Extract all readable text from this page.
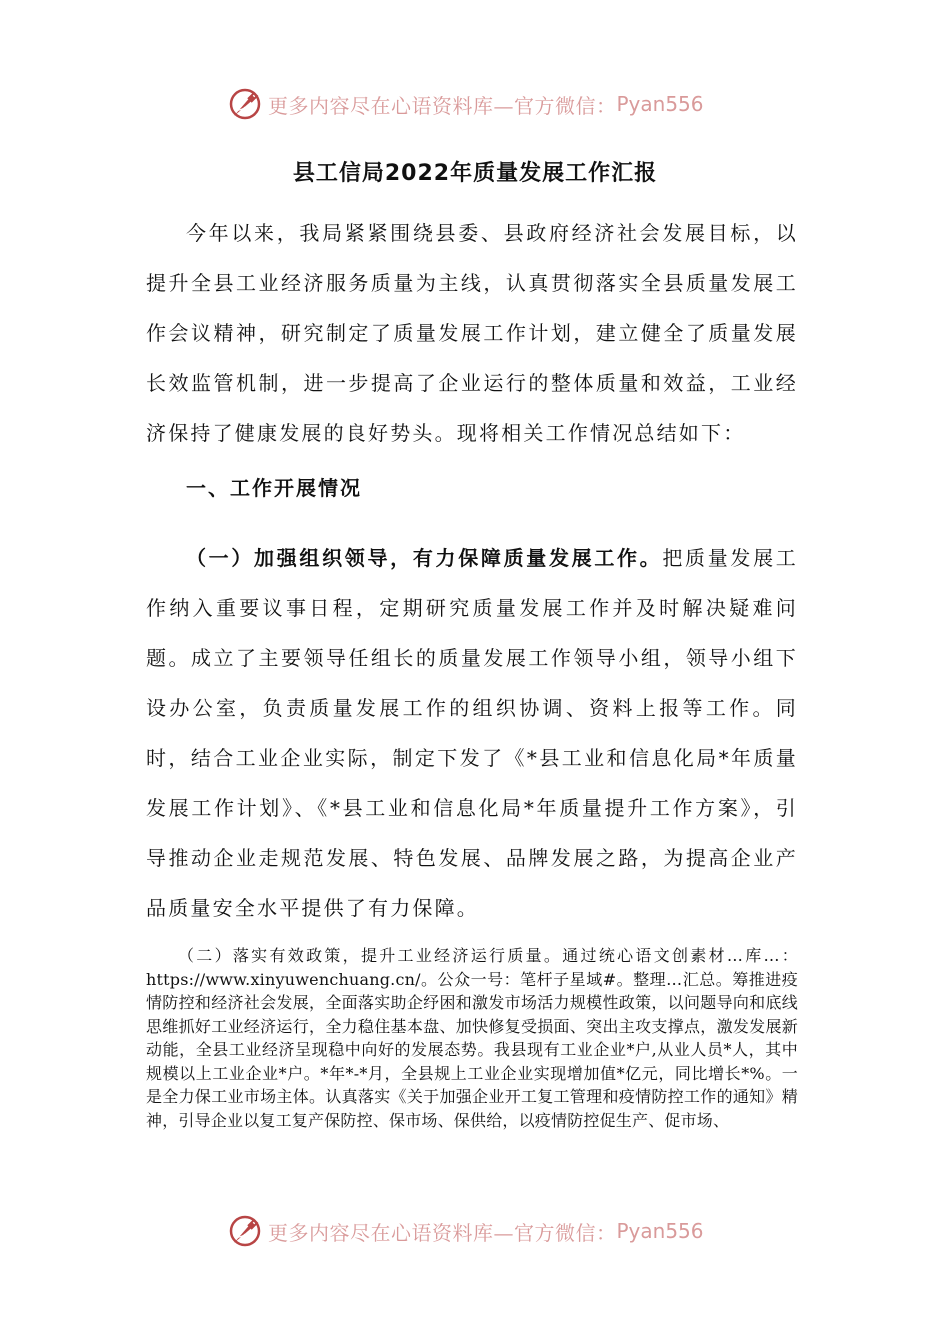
更多内容尽在心语资料库—官方微信： Pyan556
县工信局2022年质量发展工作汇报

今年以来，我局紧紧围绕县委、县政府经济社会发展目标，以提升全县工业经济服务质量为主线，认真贯彻落实全县质量发展工作会议精神，研究制定了质量发展工作计划，建立健全了质量发展长效监管机制，进一步提高了企业运行的整体质量和效益，工业经济保持了健康发展的良好势头。现将相关工作情况总结如下：

一、工作开展情况

（一）加强组织领导，有力保障质量发展工作。把质量发展工作纳入重要议事日程，定期研究质量发展工作并及时解决疑难问题。成立了主要领导任组长的质量发展工作领导小组，领导小组下设办公室，负责质量发展工作的组织协调、资料上报等工作。同时，结合工业企业实际，制定下发了《*县工业和信息化局*年质量发展工作计划》、《*县工业和信息化局*年质量提升工作方案》，引导推动企业走规范发展、特色发展、品牌发展之路，为提高企业产品质量安全水平提供了有力保障。

（二）落实有效政策，提升工业经济运行质量。通过统心语文创素材…库…：https://www.xinyuwenchuang.cn/。公众一号：笔杆子星域#。整理…汇总。筹推进疫情防控和经济社会发展，全面落实助企纾困和激发市场活力规模性政策，以问题导向和底线思维抓好工业经济运行，全力稳住基本盘、加快修复受损面、突出主攻支撑点，激发发展新动能，全县工业经济呈现稳中向好的发展态势。我县现有工业企业*户,从业人员*人，其中规模以上工业企业*户。*年*-*月，全县规上工业企业实现增加值*亿元，同比增长*%。一是全力保工业市场主体。认真落实《关于加强企业开工复工管理和疫情防控工作的通知》精神，引导企业以复工复产保防控、保市场、保供给，以疫情防控促生产、促市场、

更多内容尽在心语资料库—官方微信： Pyan556
